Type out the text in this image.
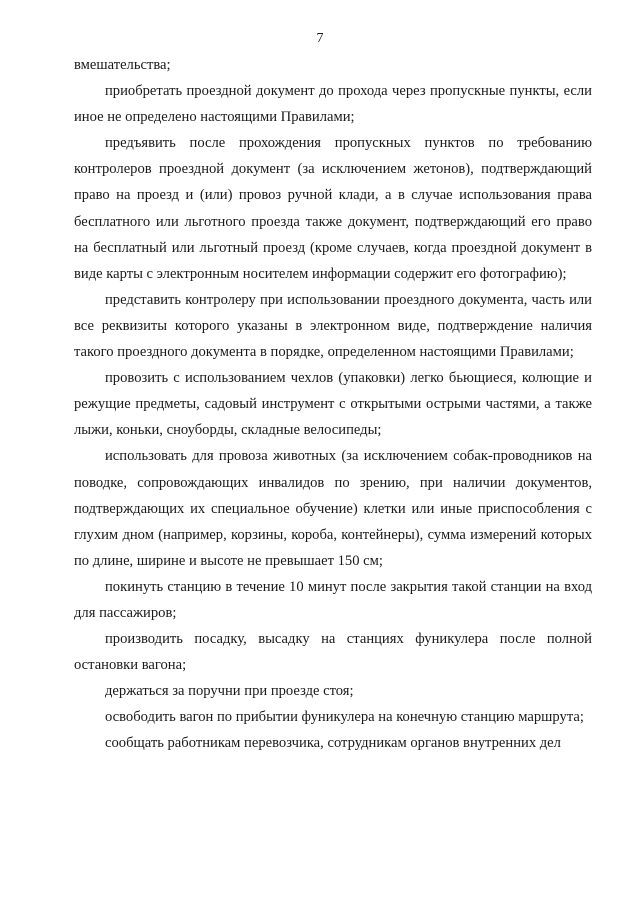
7

вмешательства;

приобретать проездной документ до прохода через пропускные пункты, если иное не определено настоящими Правилами;

предъявить после прохождения пропускных пунктов по требованию контролеров проездной документ (за исключением жетонов), подтверждающий право на проезд и (или) провоз ручной клади, а в случае использования права бесплатного или льготного проезда также документ, подтверждающий его право на бесплатный или льготный проезд (кроме случаев, когда проездной документ в виде карты с электронным носителем информации содержит его фотографию);

представить контролеру при использовании проездного документа, часть или все реквизиты которого указаны в электронном виде, подтверждение наличия такого проездного документа в порядке, определенном настоящими Правилами;

провозить с использованием чехлов (упаковки) легко бьющиеся, колющие и режущие предметы, садовый инструмент с открытыми острыми частями, а также лыжи, коньки, сноуборды, складные велосипеды;

использовать для провоза животных (за исключением собак-проводников на поводке, сопровождающих инвалидов по зрению, при наличии документов, подтверждающих их специальное обучение) клетки или иные приспособления с глухим дном (например, корзины, короба, контейнеры), сумма измерений которых по длине, ширине и высоте не превышает 150 см;

покинуть станцию в течение 10 минут после закрытия такой станции на вход для пассажиров;

производить посадку, высадку на станциях фуникулера после полной остановки вагона;

держаться за поручни при проезде стоя;

освободить вагон по прибытии фуникулера на конечную станцию маршрута;

сообщать работникам перевозчика, сотрудникам органов внутренних дел
